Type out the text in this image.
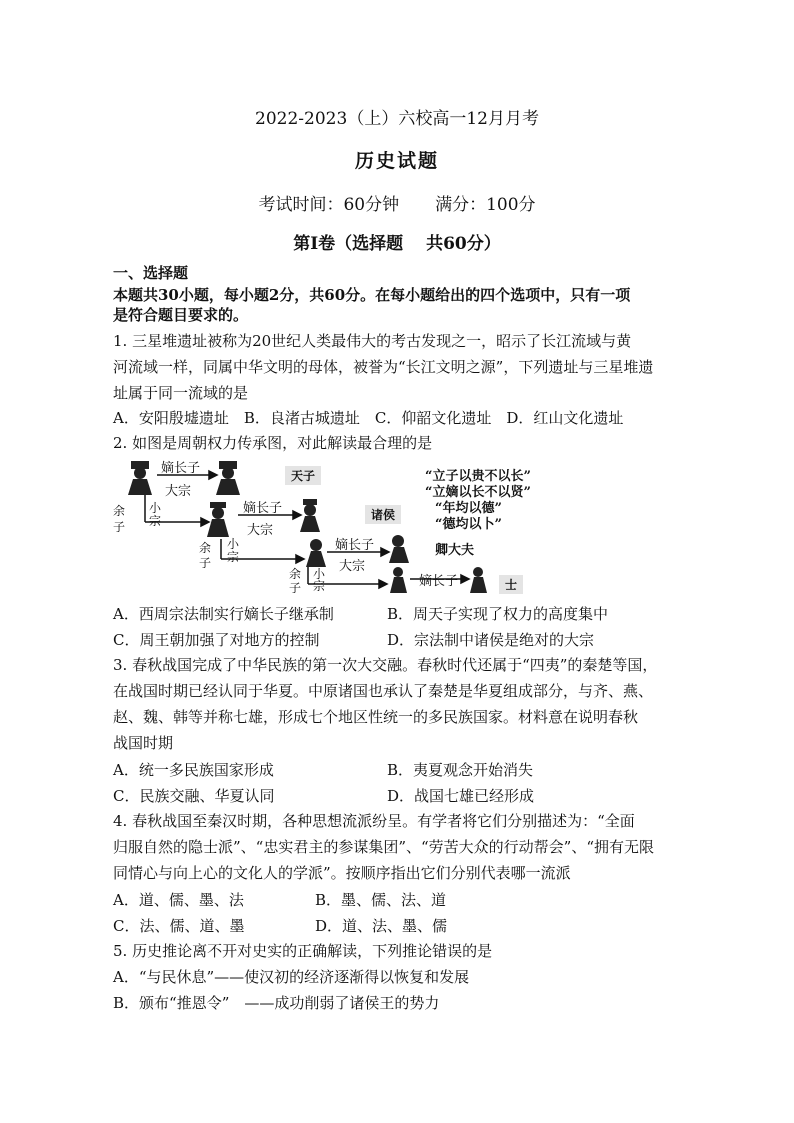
2022-2023（上）六校高一12月月考
历史试题
考试时间：60分钟 满分：100分
第Ⅰ卷（选择题　 共60分）
一、选择题
本题共30小题，每小题2分，共60分。在每小题给出的四个选项中，只有一项
是符合题目要求的。
1. 三星堆遗址被称为20世纪人类最伟大的考古发现之一，昭示了长江流域与黄
河流域一样，同属中华文明的母体，被誉为“长江文明之源”，下列遗址与三星堆遗
址属于同一流域的是
A．安阳殷墟遗址　B．良渚古城遗址　C．仰韶文化遗址　D．红山文化遗址
2. 如图是周朝权力传承图，对此解读最合理的是
嫡长子
大宗
天子
余
子
小
宗
嫡长子
大宗
诸侯
余
子
小
宗
嫡长子
大宗
卿大夫
余
子
小
宗	嫡长子	士
“立子以贵不以长”
“立嫡以长不以贤”
“年均以德”
“德均以卜”
A．西周宗法制实行嫡长子继承制	B．周天子实现了权力的高度集中
C．周王朝加强了对地方的控制	D．宗法制中诸侯是绝对的大宗
3. 春秋战国完成了中华民族的第一次大交融。春秋时代还属于“四夷”的秦楚等国，
在战国时期已经认同于华夏。中原诸国也承认了秦楚是华夏组成部分，与齐、燕、
赵、魏、韩等并称七雄，形成七个地区性统一的多民族国家。材料意在说明春秋
战国时期
A．统一多民族国家形成	B．夷夏观念开始消失
C．民族交融、华夏认同	D．战国七雄已经形成
4. 春秋战国至秦汉时期，各种思想流派纷呈。有学者将它们分别描述为：“全面
归服自然的隐士派”、“忠实君主的参谋集团”、“劳苦大众的行动帮会”、“拥有无限
同情心与向上心的文化人的学派”。按顺序指出它们分别代表哪一流派
A．道、儒、墨、法	B．墨、儒、法、道
C．法、儒、道、墨	D．道、法、墨、儒
5. 历史推论离不开对史实的正确解读，下列推论错误的是
A．“与民休息”——使汉初的经济逐渐得以恢复和发展
B．颁布“推恩令”　——成功削弱了诸侯王的势力
